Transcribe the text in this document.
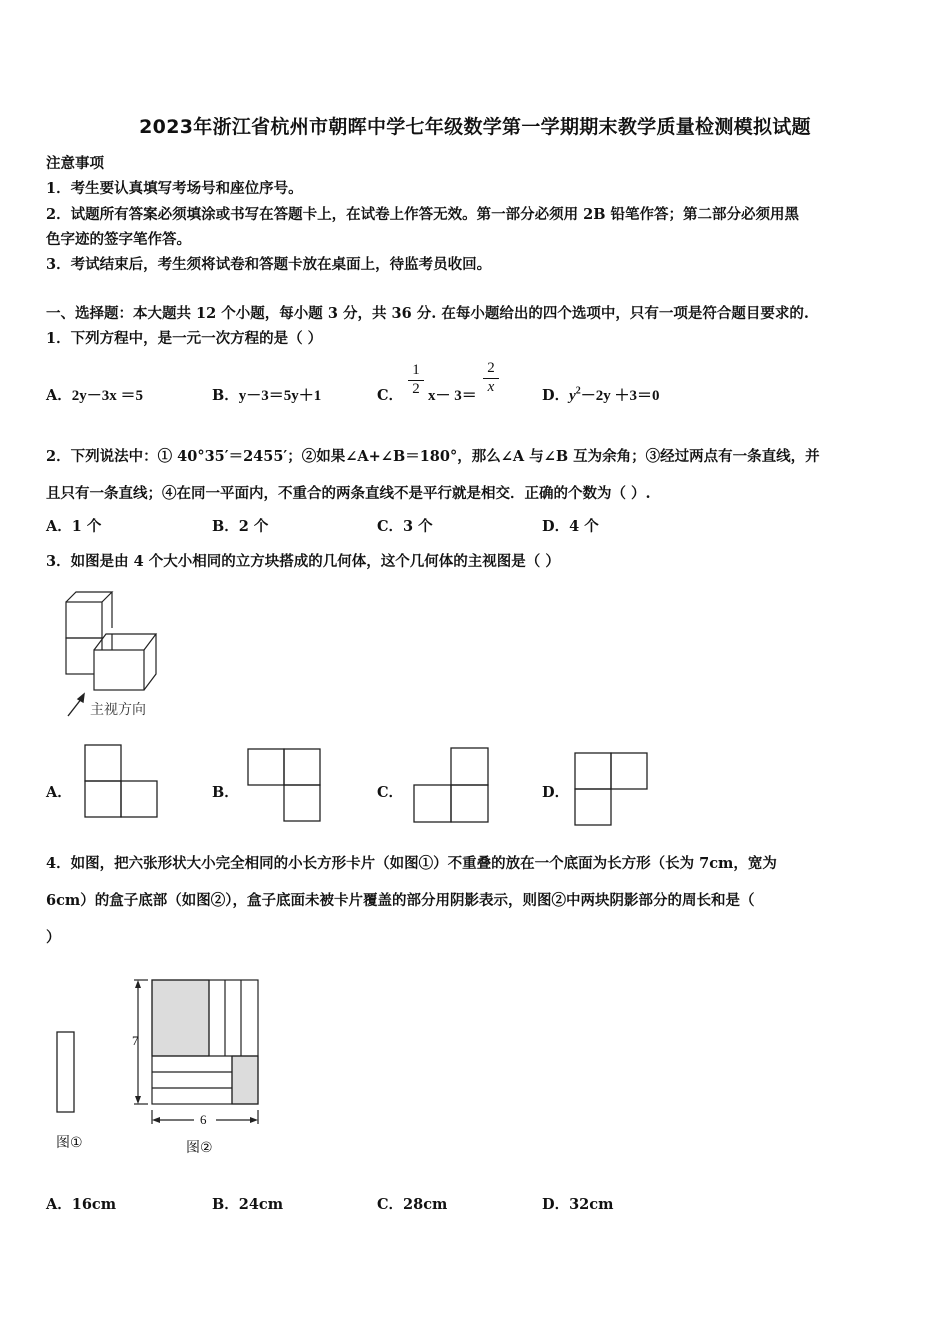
2023年浙江省杭州市朝晖中学七年级数学第一学期期末教学质量检测模拟试题
注意事项
1．考生要认真填写考场号和座位序号。
2．试题所有答案必须填涂或书写在答题卡上，在试卷上作答无效。第一部分必须用 2B 铅笔作答；第二部分必须用黑
色字迹的签字笔作答。
3．考试结束后，考生须将试卷和答题卡放在桌面上，待监考员收回。
一、选择题：本大题共 12 个小题，每小题 3 分，共 36 分. 在每小题给出的四个选项中，只有一项是符合题目要求的.
1．下列方程中，是一元一次方程的是（ ）
A．2y－3x ＝5	B．y－3＝5y＋1	C． $\frac{1}{2} x- 3= \frac{2}{x}$	D．$y^2-2y +3=0$
2．下列说法中：① 40°35′＝2455′；②如果∠A+∠B＝180°，那么∠A 与∠B 互为余角；③经过两点有一条直线，并
且只有一条直线；④在同一平面内，不重合的两条直线不是平行就是相交．正确的个数为（ ）.
A．1 个	B．2 个	C．3 个	D．4 个
3．如图是由 4 个大小相同的立方块搭成的几何体，这个几何体的主视图是（ ）
主视方向
A．	B．	C．	D．
4．如图，把六张形状大小完全相同的小长方形卡片（如图①）不重叠的放在一个底面为长方形（长为 7cm，宽为
6cm）的盒子底部（如图②），盒子底面未被卡片覆盖的部分用阴影表示，则图②中两块阴影部分的周长和是（
）
图①
7
6
图②
A．16cm	B．24cm	C．28cm	D．32cm
